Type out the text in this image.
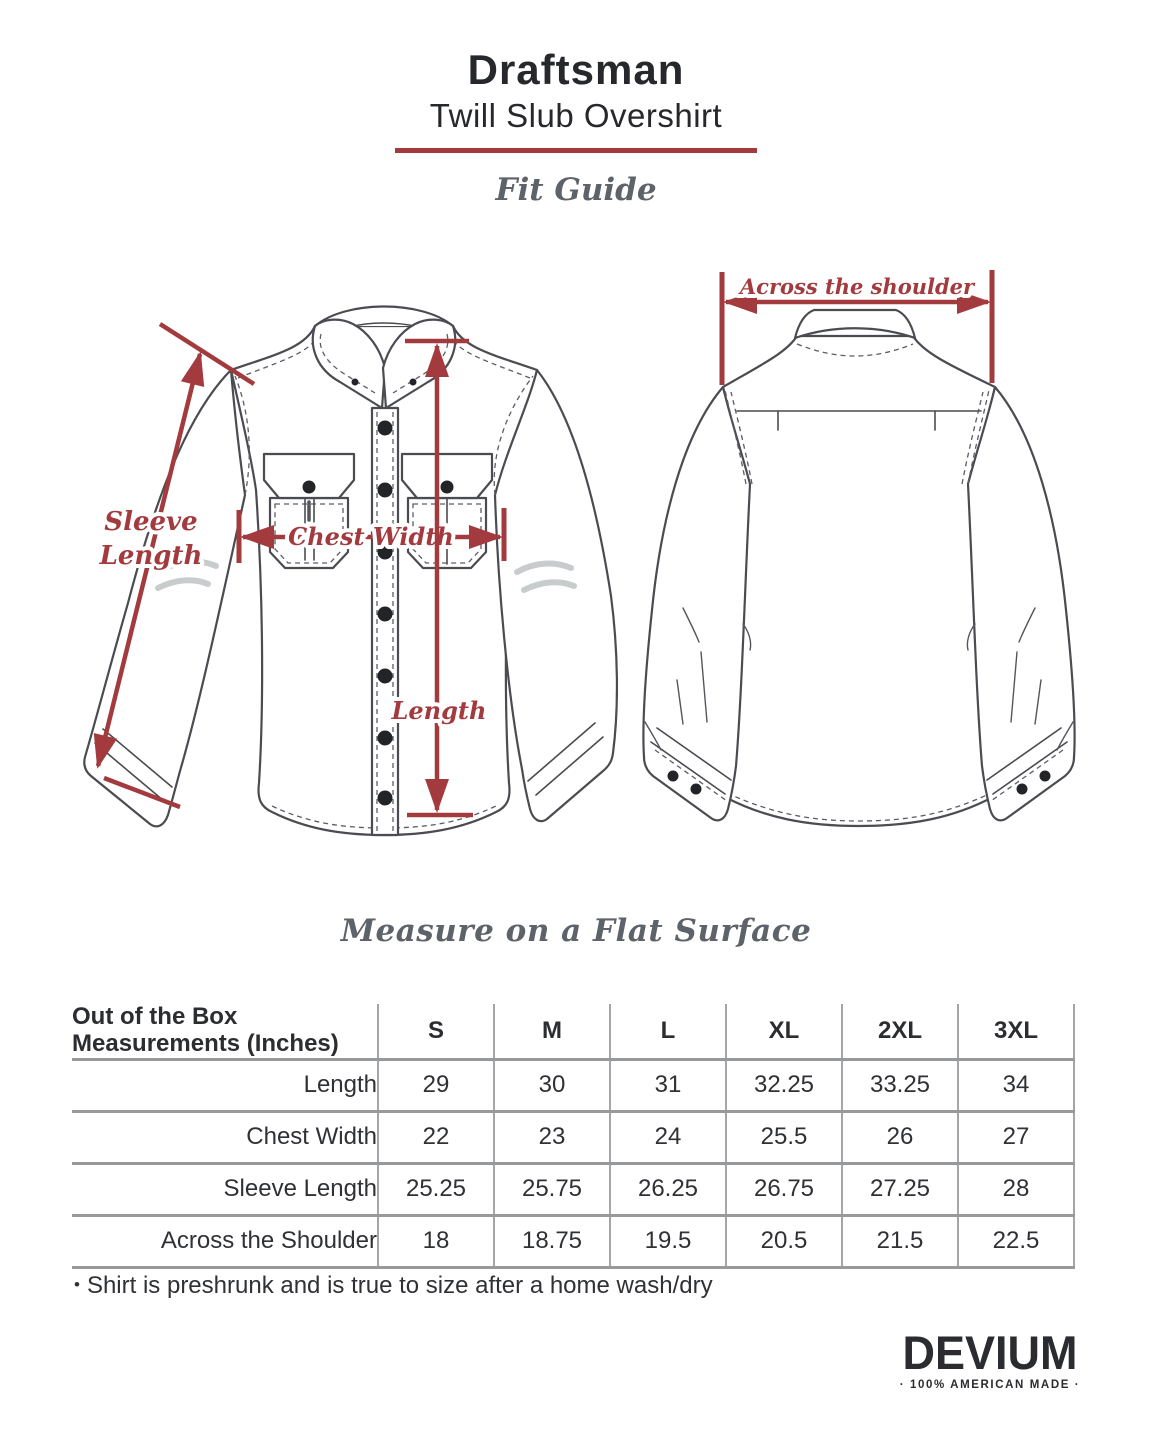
Draftsman
Twill Slub Overshirt
Fit Guide
Sleeve
Length
Chest Width
Length
Across the shoulder
Measure on a Flat Surface
Out of the Box
Measurements (Inches)	S	M	L	XL	2XL	3XL
Length	29	30	31	32.25	33.25	34
Chest Width	22	23	24	25.5	26	27
Sleeve Length	25.25	25.75	26.25	26.75	27.25	28
Across the Shoulder	18	18.75	19.5	20.5	21.5	22.5
• Shirt is preshrunk and is true to size after a home wash/dry
DEVIUM
· 100% AMERICAN MADE ·
